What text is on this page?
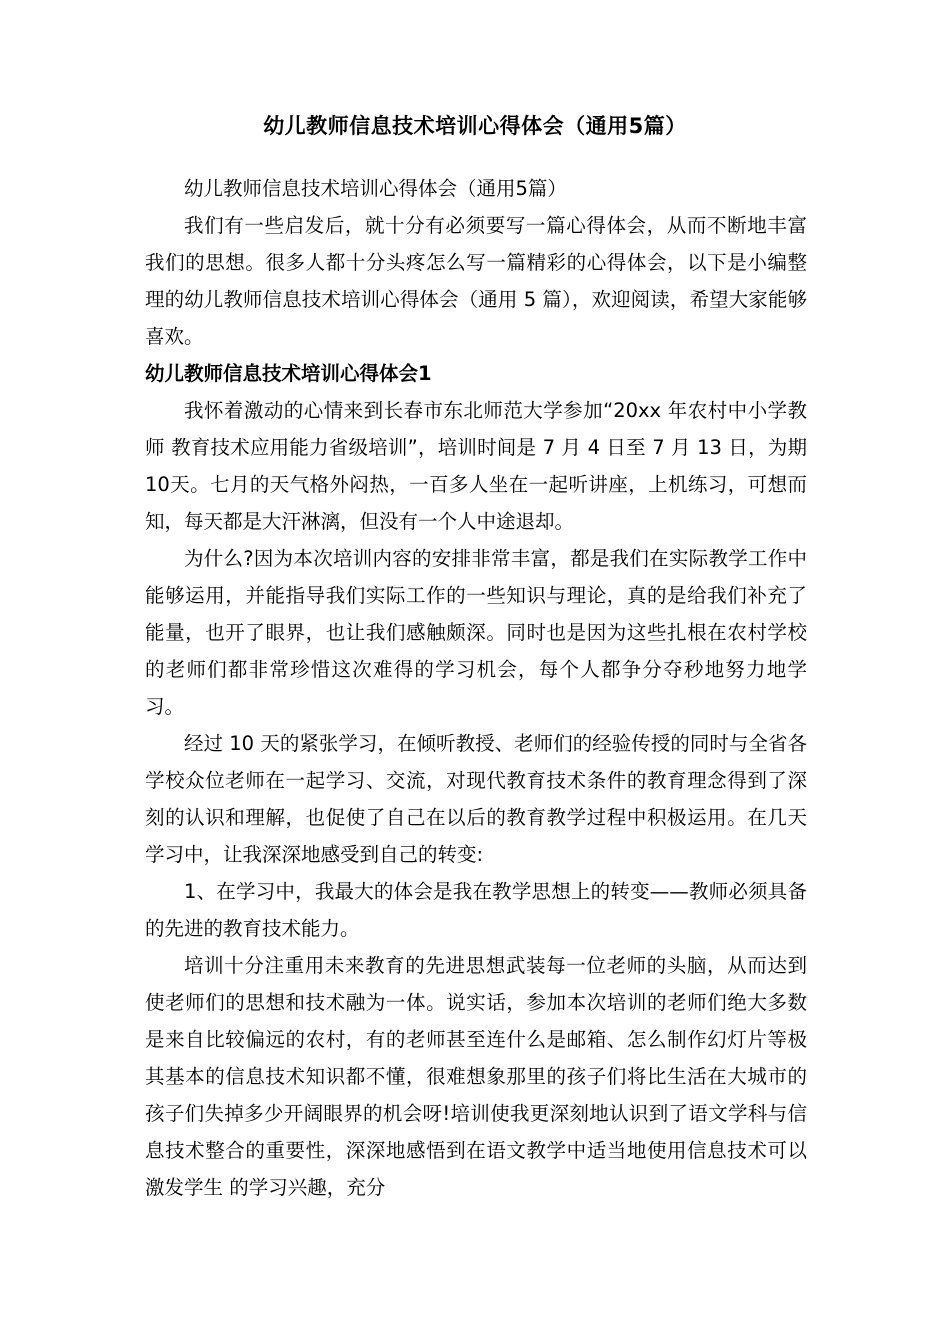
幼儿教师信息技术培训心得体会（通用5篇）

幼儿教师信息技术培训心得体会（通用5篇）

我们有一些启发后，就十分有必须要写一篇心得体会，从而不断地丰富我们的思想。很多人都十分头疼怎么写一篇精彩的心得体会，以下是小编整理的幼儿教师信息技术培训心得体会（通用 5 篇），欢迎阅读，希望大家能够喜欢。

幼儿教师信息技术培训心得体会1

我怀着激动的心情来到长春市东北师范大学参加“20xx 年农村中小学教师 教育技术应用能力省级培训”，培训时间是 7 月 4 日至 7 月 13 日，为期10天。七月的天气格外闷热，一百多人坐在一起听讲座，上机练习，可想而知，每天都是大汗淋漓，但没有一个人中途退却。

为什么?因为本次培训内容的安排非常丰富，都是我们在实际教学工作中能够运用，并能指导我们实际工作的一些知识与理论，真的是给我们补充了能量，也开了眼界，也让我们感触颇深。同时也是因为这些扎根在农村学校的老师们都非常珍惜这次难得的学习机会，每个人都争分夺秒地努力地学习。

经过 10 天的紧张学习，在倾听教授、老师们的经验传授的同时与全省各学校众位老师在一起学习、交流，对现代教育技术条件的教育理念得到了深刻的认识和理解，也促使了自己在以后的教育教学过程中积极运用。在几天学习中，让我深深地感受到自己的转变:

1、在学习中，我最大的体会是我在教学思想上的转变——教师必须具备的先进的教育技术能力。

培训十分注重用未来教育的先进思想武装每一位老师的头脑，从而达到使老师们的思想和技术融为一体。说实话，参加本次培训的老师们绝大多数是来自比较偏远的农村，有的老师甚至连什么是邮箱、怎么制作幻灯片等极其基本的信息技术知识都不懂，很难想象那里的孩子们将比生活在大城市的孩子们失掉多少开阔眼界的机会呀!培训使我更深刻地认识到了语文学科与信息技术整合的重要性，深深地感悟到在语文教学中适当地使用信息技术可以激发学生 的学习兴趣，充分
